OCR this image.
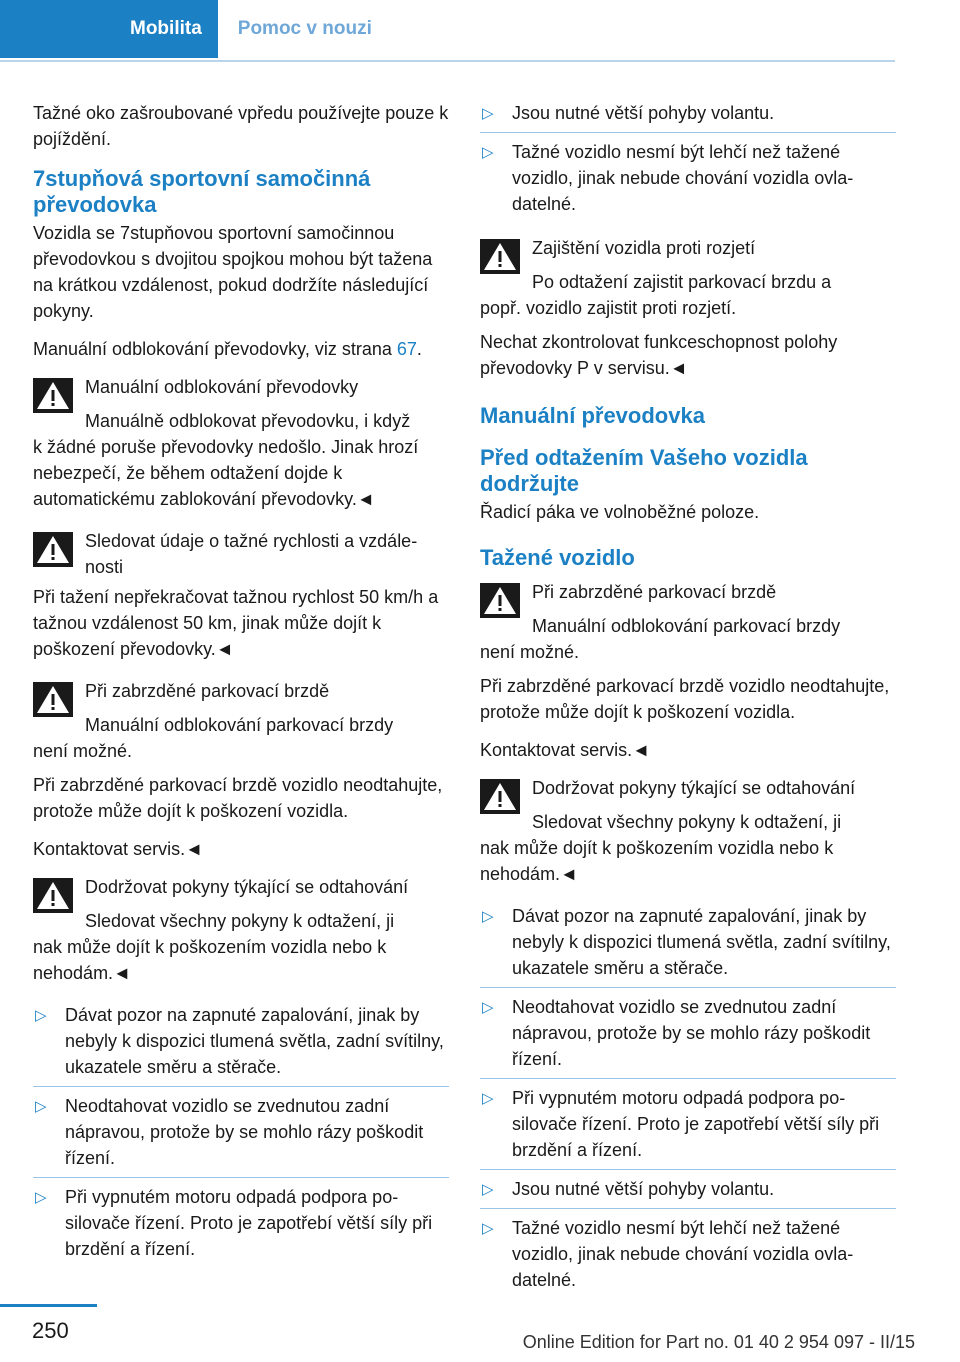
Mobilita	Pomoc v nouzi

Tažné oko zašroubované vpředu používejte pouze k pojíždění.

7stupňová sportovní samočinná převodovka

Vozidla se 7stupňovou sportovní samočinnou převodovkou s dvojitou spojkou mohou být tažena na krátkou vzdálenost, pokud dodržíte následující pokyny.

Manuální odblokování převodovky, viz strana 67.

Manuální odblokování převodovky
Manuálně odblokovat převodovku, i když
k žádné poruše převodovky nedošlo. Jinak hrozí nebezpečí, že během odtažení dojde k automatickému zablokování převodovky.◄
Sledovat údaje o tažné rychlosti a vzdálenosti
Při tažení nepřekračovat tažnou rychlost 50 km/h a tažnou vzdálenost 50 km, jinak může dojít k poškození převodovky.◄
Při zabrzděné parkovací brzdě
Manuální odblokování parkovací brzdy
není možné.

Při zabrzděné parkovací brzdě vozidlo neodtahujte, protože může dojít k poškození vozidla.

Kontaktovat servis.◄

Dodržovat pokyny týkající se odtahování
Sledovat všechny pokyny k odtažení, ji
nak může dojít k poškozením vozidla nebo k nehodám.◄
▷ Dávat pozor na zapnuté zapalování, jinak by nebyly k dispozici tlumená světla, zadní svítilny, ukazatele směru a stěrače.
▷ Neodtahovat vozidlo se zvednutou zadní nápravou, protože by se mohlo rázy poškodit řízení.
▷ Při vypnutém motoru odpadá podpora posilovače řízení. Proto je zapotřebí větší síly při brzdění a řízení.
▷ Jsou nutné větší pohyby volantu.
▷ Tažné vozidlo nesmí být lehčí než tažené vozidlo, jinak nebude chování vozidla ovladatelné.
Zajištění vozidla proti rozjetí
Po odtažení zajistit parkovací brzdu a
popř. vozidlo zajistit proti rozjetí.

Nechat zkontrolovat funkceschopnost polohy převodovky P v servisu.◄

Manuální převodovka
Před odtažením Vašeho vozidla dodržujte

Řadicí páka ve volnoběžné poloze.

Tažené vozidlo
Při zabrzděné parkovací brzdě
Manuální odblokování parkovací brzdy
není možné.

Při zabrzděné parkovací brzdě vozidlo neodtahujte, protože může dojít k poškození vozidla.

Kontaktovat servis.◄

Dodržovat pokyny týkající se odtahování
Sledovat všechny pokyny k odtažení, ji
nak může dojít k poškozením vozidla nebo k nehodám.◄
▷ Dávat pozor na zapnuté zapalování, jinak by nebyly k dispozici tlumená světla, zadní svítilny, ukazatele směru a stěrače.
▷ Neodtahovat vozidlo se zvednutou zadní nápravou, protože by se mohlo rázy poškodit řízení.
▷ Při vypnutém motoru odpadá podpora posilovače řízení. Proto je zapotřebí větší síly při brzdění a řízení.
▷ Jsou nutné větší pohyby volantu.
▷ Tažné vozidlo nesmí být lehčí než tažené vozidlo, jinak nebude chování vozidla ovladatelné.
250	Online Edition for Part no. 01 40 2 954 097 - II/15
